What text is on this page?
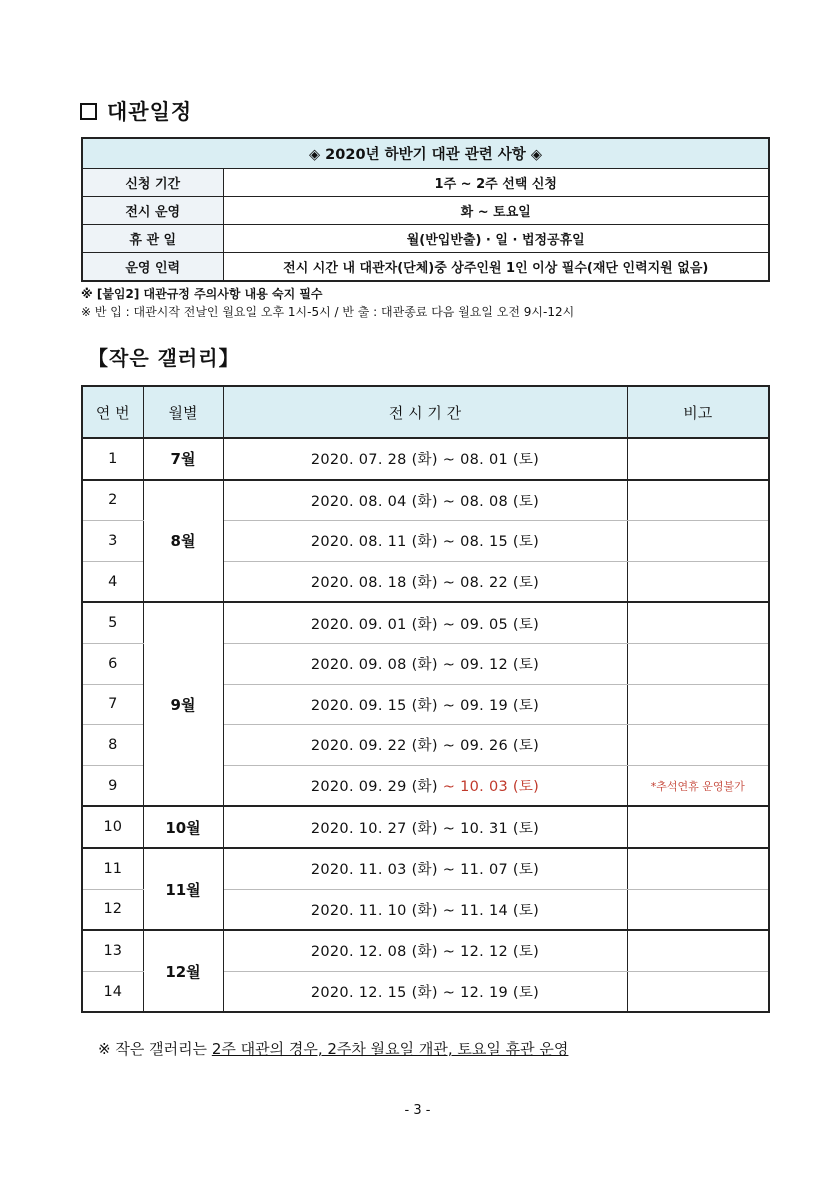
대관일정
◈ 2020년 하반기 대관 관련 사항 ◈	
신청 기간	1주 ~ 2주 선택 신청
전시 운영	화 ~ 토요일
휴 관 일	월(반입반출) · 일 · 법정공휴일
운영 인력	전시 시간 내 대관자(단체)중 상주인원 1인 이상 필수(재단 인력지원 없음)
※ [붙임2] 대관규정 주의사항 내용 숙지 필수
※ 반 입 : 대관시작 전날인 월요일 오후 1시-5시 / 반 출 : 대관종료 다음 월요일 오전 9시-12시
【작은 갤러리】
연 번	월별	전 시 기 간	비고
1	7월	2020. 07. 28 (화) ~ 08. 01 (토)	
2	8월	2020. 08. 04 (화) ~ 08. 08 (토)	
3		2020. 08. 11 (화) ~ 08. 15 (토)	
4		2020. 08. 18 (화) ~ 08. 22 (토)	
5	9월	2020. 09. 01 (화) ~ 09. 05 (토)	
6		2020. 09. 08 (화) ~ 09. 12 (토)	
7		2020. 09. 15 (화) ~ 09. 19 (토)	
8		2020. 09. 22 (화) ~ 09. 26 (토)	
9		2020. 09. 29 (화) ~ 10. 03 (토)	*추석연휴 운영불가
10	10월	2020. 10. 27 (화) ~ 10. 31 (토)	
11	11월	2020. 11. 03 (화) ~ 11. 07 (토)	
12		2020. 11. 10 (화) ~ 11. 14 (토)	
13	12월	2020. 12. 08 (화) ~ 12. 12 (토)	
14		2020. 12. 15 (화) ~ 12. 19 (토)	
※ 작은 갤러리는 2주 대관의 경우, 2주차 월요일 개관, 토요일 휴관 운영
- 3 -
